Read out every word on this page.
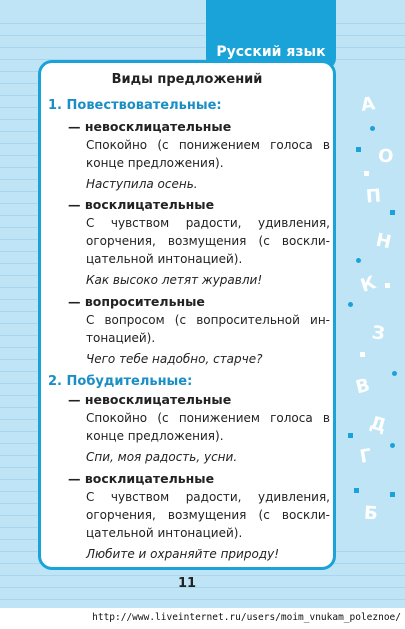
Русский язык
Виды предложений
1. Повествовательные:
— невосклицательные
Спокойно (с понижением голоса в конце предложения).
Наступила осень.
— восклицательные
С чувством радости, удивления, огорчения, возмущения (с воскли-цательной интонацией).
Как высоко летят журавли!
— вопросительные
С вопросом (с вопросительной ин-тонацией).
Чего тебе надобно, старче?
2. Побудительные:
— невосклицательные
Спокойно (с понижением голоса в конце предложения).
Спи, моя радость, усни.
— восклицательные
С чувством радости, удивления, огорчения, возмущения (с воскли-цательной интонацией).
Любите и охраняйте природу!
11
А
О
П
Н
К
З
В
Д
Г
Б
http://www.liveinternet.ru/users/moim_vnukam_poleznoe/
